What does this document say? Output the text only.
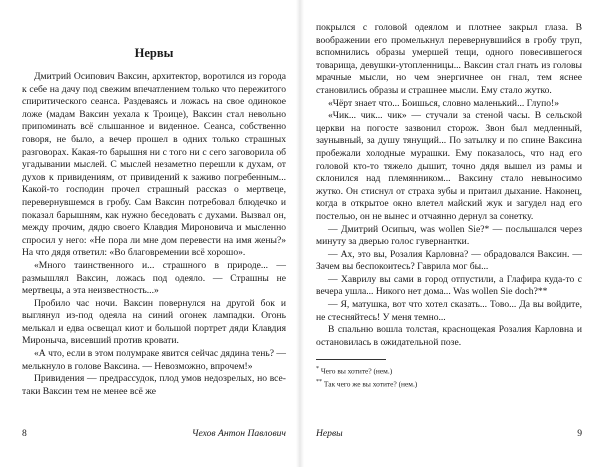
Нервы

Дмитрий Осипович Ваксин, архитектор, воротился из города к себе на дачу под свежим впечатлением только что пережитого спиритического сеанса. Раздеваясь и ложась на свое одинокое ложе (мадам Ваксин уехала к Троице), Ваксин стал невольно припоминать всё слышанное и виденное. Сеанса, собственно говоря, не было, а вечер прошел в одних только страшных разговорах. Какая-то барышня ни с того ни с сего заговорила об угадывании мыслей. С мыслей незаметно перешли к духам, от духов к привидениям, от привидений к заживо погребенным... Какой-то господин прочел страшный рассказ о мертвеце, перевернувшемся в гробу. Сам Ваксин потребовал блюдечко и показал барышням, как нужно беседовать с духами. Вызвал он, между прочим, дядю своего Клавдия Мироновича и мысленно спросил у него: «Не пора ли мне дом перевести на имя жены?» На что дядя ответил: «Во благовремении всё хорошо».

«Много таинственного и... страшного в природе... — размышлял Ваксин, ложась под одеяло. — Страшны не мертвецы, а эта неизвестность...»

Пробило час ночи. Ваксин повернулся на другой бок и выглянул из-под одеяла на синий огонек лампадки. Огонь мелькал и едва освещал киот и большой портрет дяди Клавдия Мироныча, висевший против кровати.

«А что, если в этом полумраке явится сейчас дядина тень? — мелькнуло в голове Ваксина. — Невозможно, впрочем!»

Привидения — предрассудок, плод умов недозрелых, но все-таки Ваксин тем не менее всё же

8	Чехов Антон Павлович

покрылся с головой одеялом и плотнее закрыл глаза. В воображении его промелькнул перевернувшийся в гробу труп, вспомнились образы умершей тещи, одного повесившегося товарища, девушки-утопленницы... Ваксин стал гнать из головы мрачные мысли, но чем энергичнее он гнал, тем яснее становились образы и страшнее мысли. Ему стало жутко.

«Чёрт знает что... Боишься, словно маленький... Глупо!»

«Чик... чик... чик» — стучали за стеной часы. В сельской церкви на погосте зазвонил сторож. Звон был медленный, заунывный, за душу тянущий... По затылку и по спине Ваксина пробежали холодные мурашки. Ему показалось, что над его головой кто-то тяжело дышит, точно дядя вышел из рамы и склонился над племянником... Ваксину стало невыносимо жутко. Он стиснул от страха зубы и притаил дыхание. Наконец, когда в открытое окно влетел майский жук и загудел над его постелью, он не вынес и отчаянно дернул за сонетку.

— Дмитрий Осипыч, was wollen Sie?* — послышался через минуту за дверью голос гувернантки.

— Ах, это вы, Розалия Карловна? — обрадовался Ваксин. — Зачем вы беспокоитесь? Гаврила мог бы...

— Хаврилу вы сами в город отпустили, а Глафира куда-то с вечера ушла... Никого нет дома... Was wollen Sie doch?**

— Я, матушка, вот что хотел сказать... Тово... Да вы войдите, не стесняйтесь! У меня темно...

В спальню вошла толстая, краснощекая Розалия Карловна и остановилась в ожидательной позе.

* Чего вы хотите? (нем.)

** Так чего же вы хотите? (нем.)

Нервы	9
